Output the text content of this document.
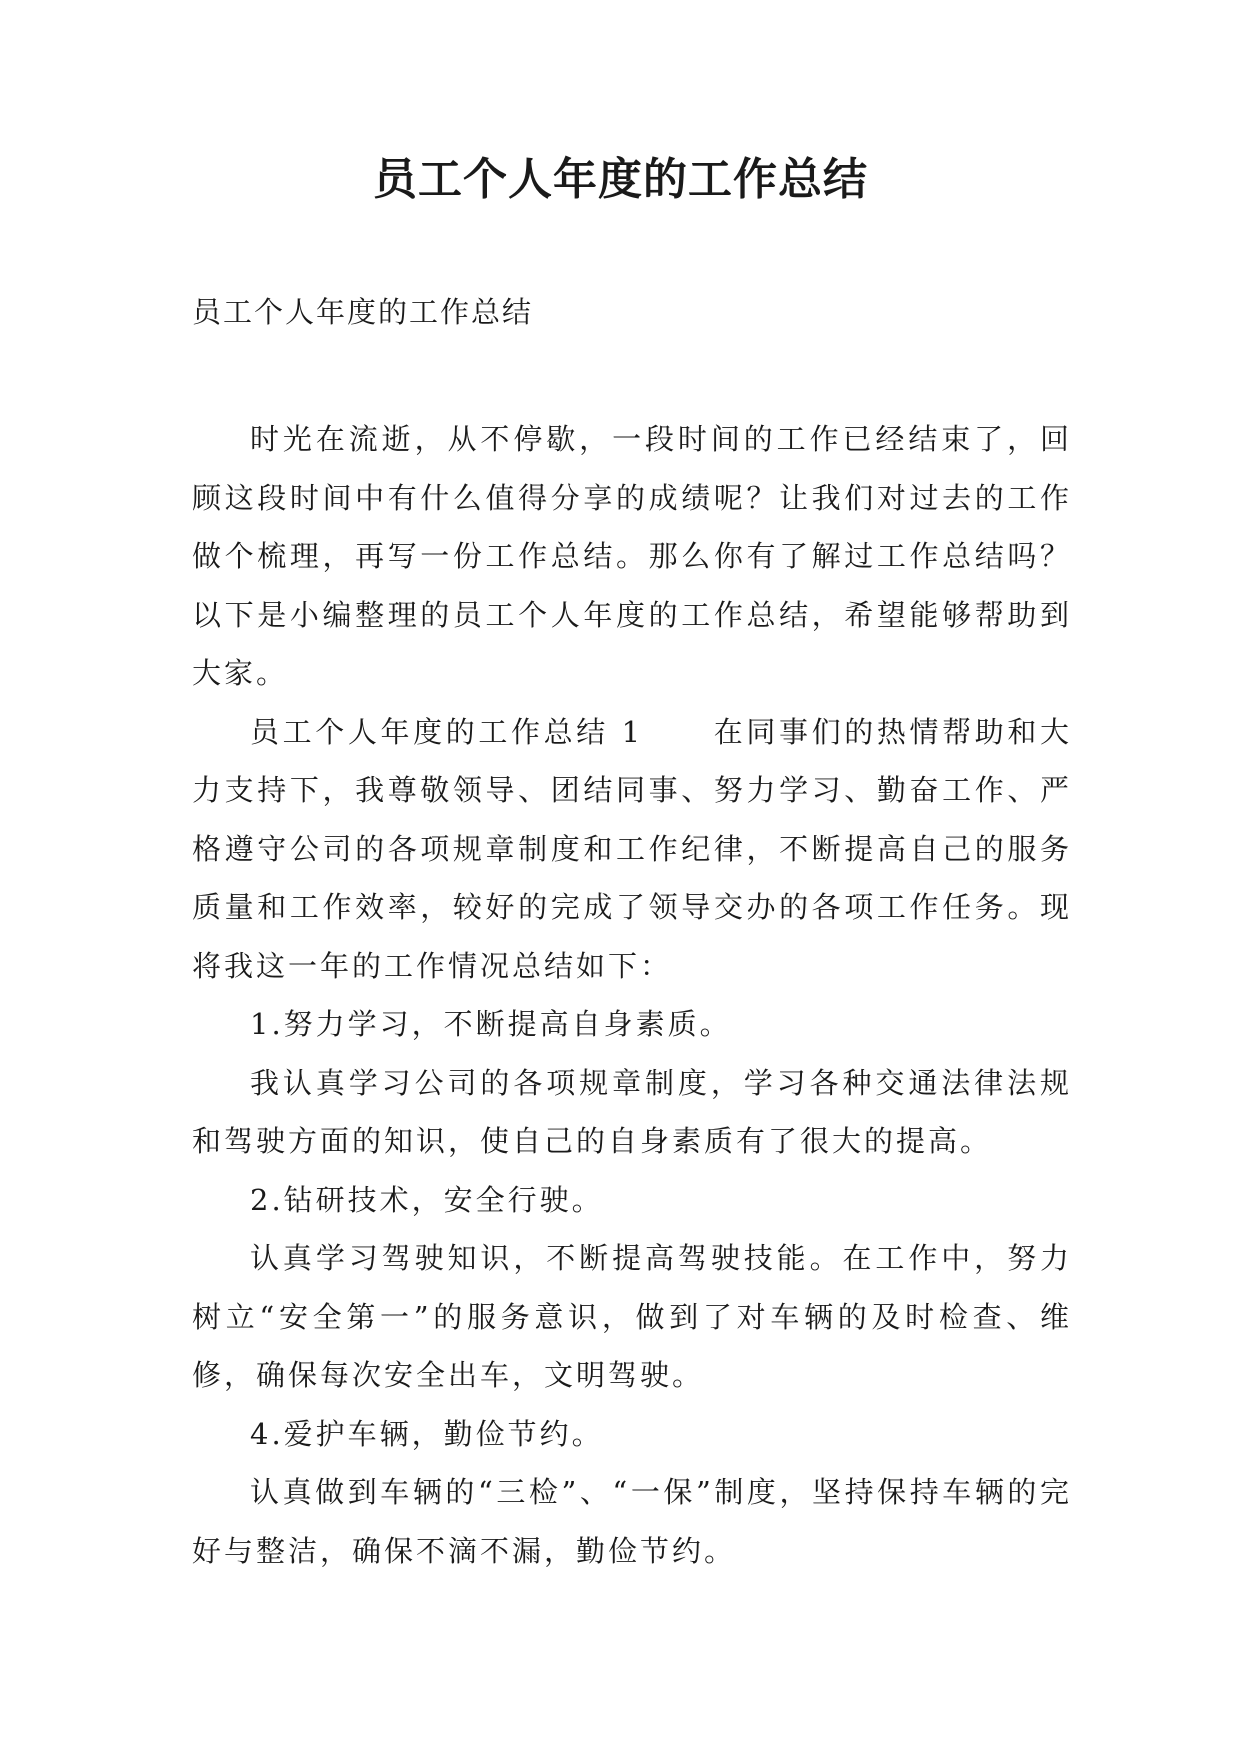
员工个人年度的工作总结

员工个人年度的工作总结

时光在流逝，从不停歇，一段时间的工作已经结束了，回顾这段时间中有什么值得分享的成绩呢？让我们对过去的工作做个梳理，再写一份工作总结。那么你有了解过工作总结吗？以下是小编整理的员工个人年度的工作总结，希望能够帮助到大家。

员工个人年度的工作总结 1 在同事们的热情帮助和大力支持下，我尊敬领导、团结同事、努力学习、勤奋工作、严格遵守公司的各项规章制度和工作纪律，不断提高自己的服务质量和工作效率，较好的完成了领导交办的各项工作任务。现将我这一年的工作情况总结如下：

1.努力学习，不断提高自身素质。

我认真学习公司的各项规章制度，学习各种交通法律法规和驾驶方面的知识，使自己的自身素质有了很大的提高。

2.钻研技术，安全行驶。

认真学习驾驶知识，不断提高驾驶技能。在工作中，努力树立“安全第一”的服务意识，做到了对车辆的及时检查、维修，确保每次安全出车，文明驾驶。

4.爱护车辆，勤俭节约。

认真做到车辆的“三检”、“一保”制度，坚持保持车辆的完好与整洁，确保不滴不漏，勤俭节约。
